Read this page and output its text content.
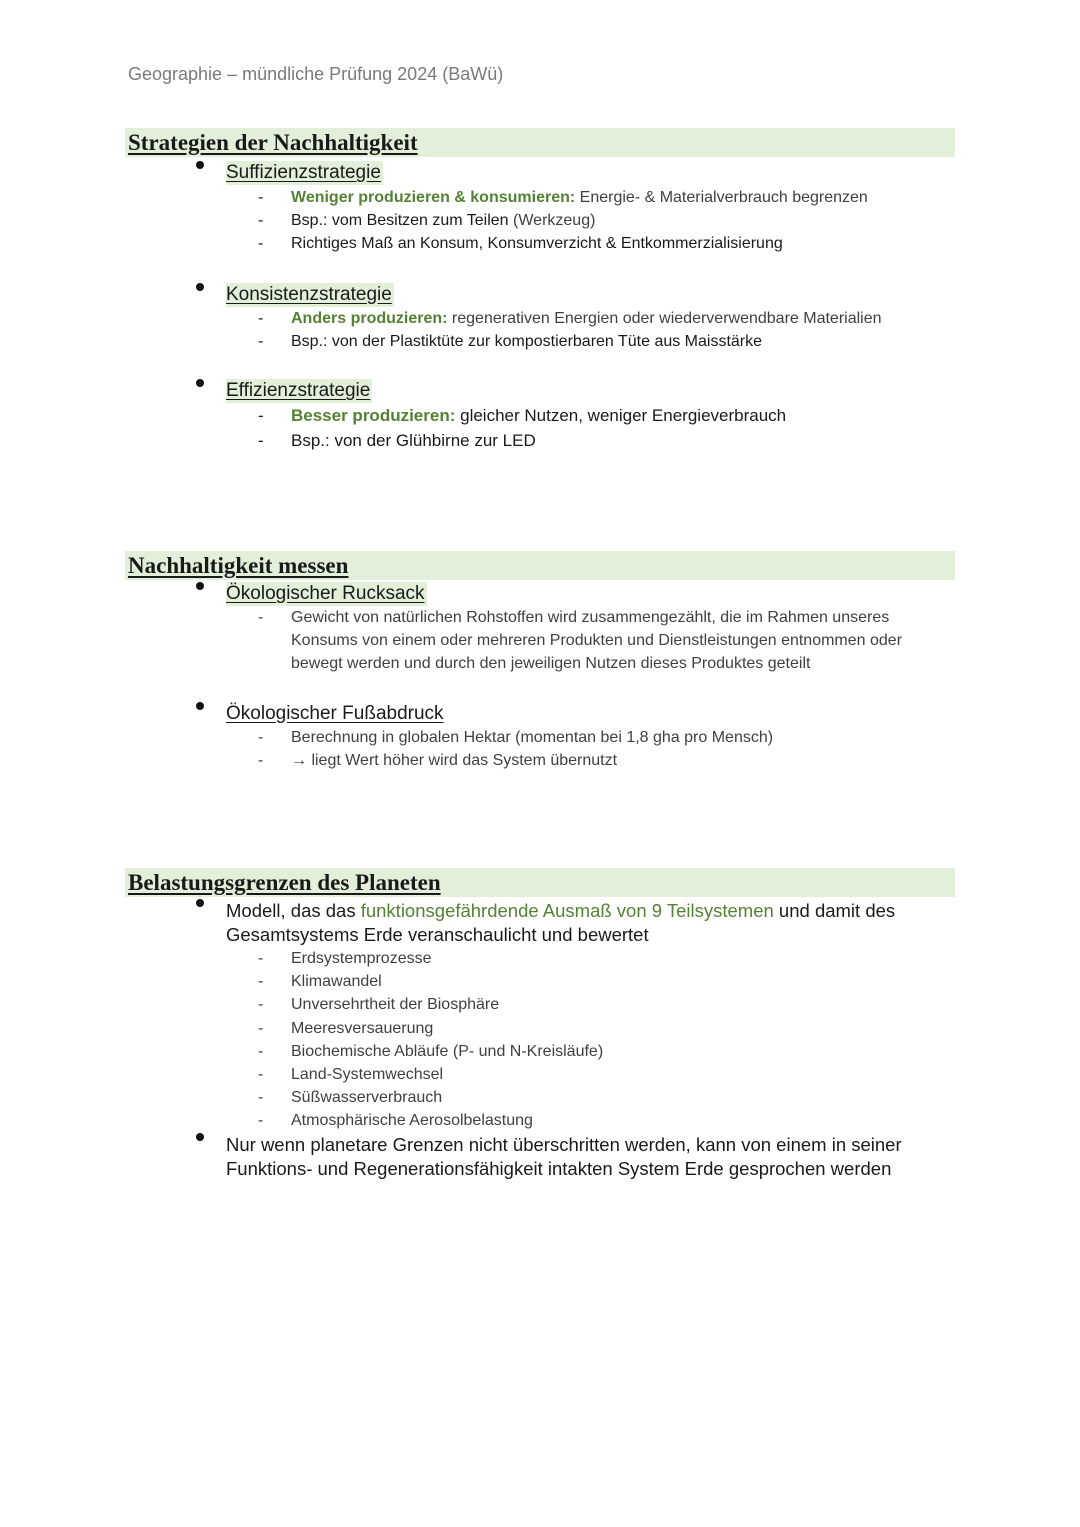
Geographie – mündliche Prüfung 2024 (BaWü)
Strategien der Nachhaltigkeit
Suffizienzstrategie
- Weniger produzieren & konsumieren: Energie- & Materialverbrauch begrenzen
- Bsp.: vom Besitzen zum Teilen (Werkzeug)
- Richtiges Maß an Konsum, Konsumverzicht & Entkommerzialisierung
Konsistenzstrategie
- Anders produzieren: regenerativen Energien oder wiederverwendbare Materialien
- Bsp.: von der Plastiktüte zur kompostierbaren Tüte aus Maisstärke
Effizienzstrategie
- Besser produzieren: gleicher Nutzen, weniger Energieverbrauch
- Bsp.: von der Glühbirne zur LED
Nachhaltigkeit messen
Ökologischer Rucksack
- Gewicht von natürlichen Rohstoffen wird zusammengezählt, die im Rahmen unseres Konsums von einem oder mehreren Produkten und Dienstleistungen entnommen oder bewegt werden und durch den jeweiligen Nutzen dieses Produktes geteilt
Ökologischer Fußabdruck
- Berechnung in globalen Hektar (momentan bei 1,8 gha pro Mensch)
- → liegt Wert höher wird das System übernutzt
Belastungsgrenzen des Planeten
Modell, das das funktionsgefährdende Ausmaß von 9 Teilsystemen und damit des Gesamtsystems Erde veranschaulicht und bewertet
- Erdsystemprozesse
- Klimawandel
- Unversehrtheit der Biosphäre
- Meeresversauerung
- Biochemische Abläufe (P- und N-Kreisläufe)
- Land-Systemwechsel
- Süßwasserverbrauch
- Atmosphärische Aerosolbelastung
Nur wenn planetare Grenzen nicht überschritten werden, kann von einem in seiner Funktions- und Regenerationsfähigkeit intakten System Erde gesprochen werden
